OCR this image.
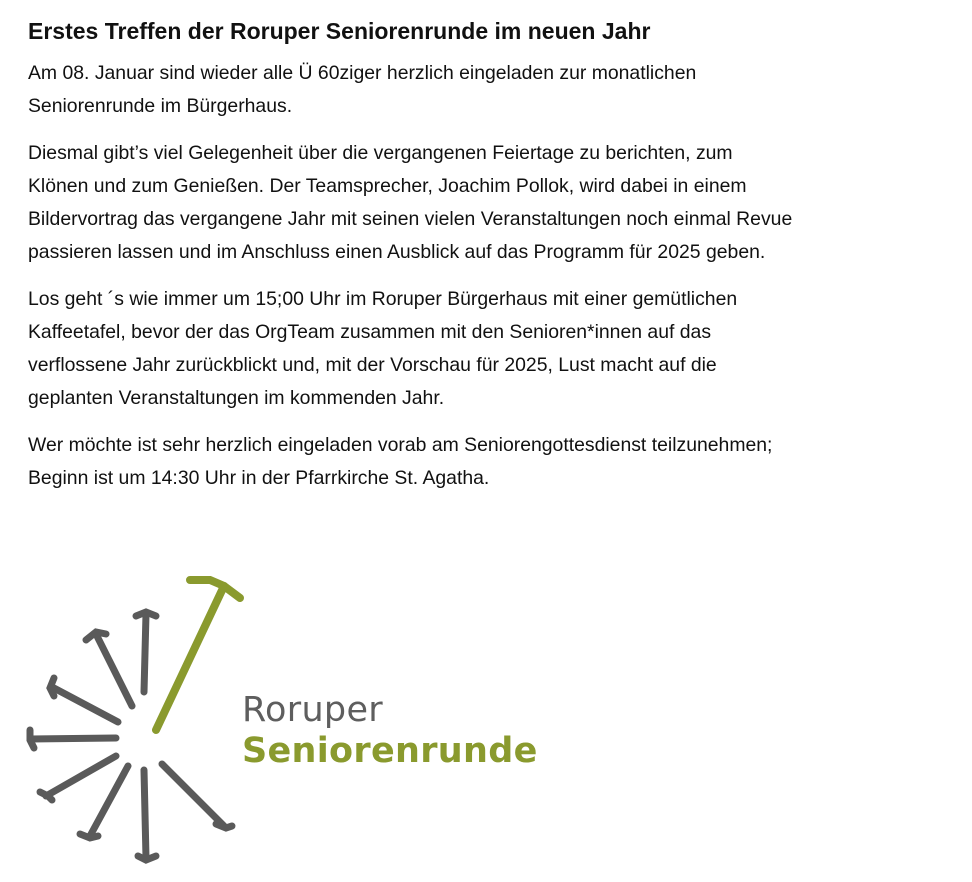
Erstes Treffen der Roruper Seniorenrunde im neuen Jahr

Am 08. Januar sind wieder alle Ü 60ziger herzlich eingeladen zur monatlichen
Seniorenrunde im Bürgerhaus.

Diesmal gibt’s viel Gelegenheit über die vergangenen Feiertage zu berichten, zum
Klönen und zum Genießen. Der Teamsprecher, Joachim Pollok, wird dabei in einem
Bildervortrag das vergangene Jahr mit seinen vielen Veranstaltungen noch einmal Revue
passieren lassen und im Anschluss einen Ausblick auf das Programm für 2025 geben.

Los geht ´s wie immer um 15;00 Uhr im Roruper Bürgerhaus mit einer gemütlichen
Kaffeetafel, bevor der das OrgTeam zusammen mit den Senioren*innen auf das
verflossene Jahr zurückblickt und, mit der Vorschau für 2025, Lust macht auf die
geplanten Veranstaltungen im kommenden Jahr.

Wer möchte ist sehr herzlich eingeladen vorab am Seniorengottesdienst teilzunehmen;
Beginn ist um 14:30 Uhr in der Pfarrkirche St. Agatha.

Roruper
Seniorenrunde
